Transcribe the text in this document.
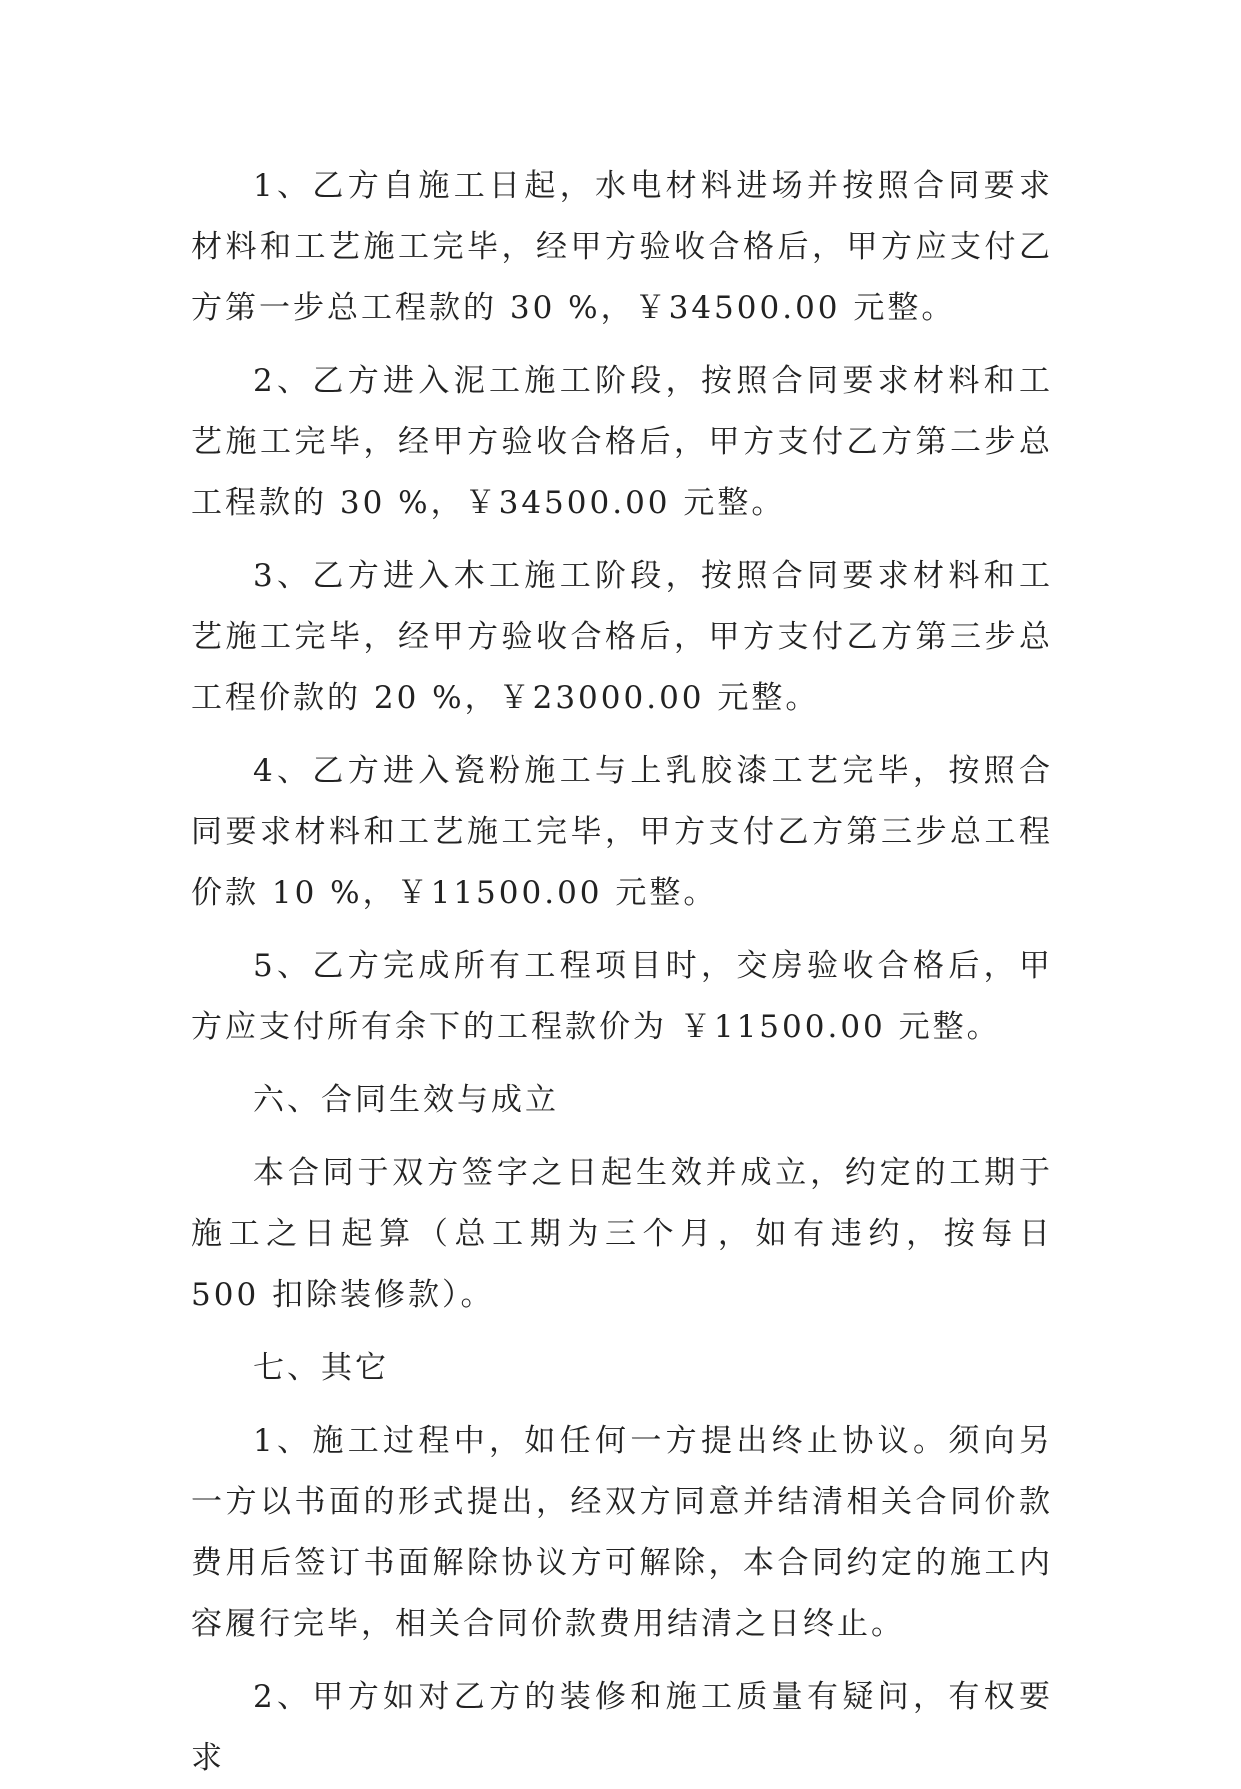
1、乙方自施工日起，水电材料进场并按照合同要求材料和工艺施工完毕，经甲方验收合格后，甲方应支付乙方第一步总工程款的 30 %，￥34500.00 元整。

2、乙方进入泥工施工阶段，按照合同要求材料和工艺施工完毕，经甲方验收合格后，甲方支付乙方第二步总工程款的 30 %，￥34500.00 元整。

3、乙方进入木工施工阶段，按照合同要求材料和工艺施工完毕，经甲方验收合格后，甲方支付乙方第三步总工程价款的 20 %，￥23000.00 元整。

4、乙方进入瓷粉施工与上乳胶漆工艺完毕，按照合同要求材料和工艺施工完毕，甲方支付乙方第三步总工程价款 10 %，￥11500.00 元整。

5、乙方完成所有工程项目时，交房验收合格后，甲方应支付所有余下的工程款价为 ￥11500.00 元整。

六、合同生效与成立

本合同于双方签字之日起生效并成立，约定的工期于施工之日起算（总工期为三个月，如有违约，按每日 500 扣除装修款）。

七、其它

1、施工过程中，如任何一方提出终止协议。须向另一方以书面的形式提出，经双方同意并结清相关合同价款费用后签订书面解除协议方可解除，本合同约定的施工内容履行完毕，相关合同价款费用结清之日终止。

2、甲方如对乙方的装修和施工质量有疑问，有权要求
